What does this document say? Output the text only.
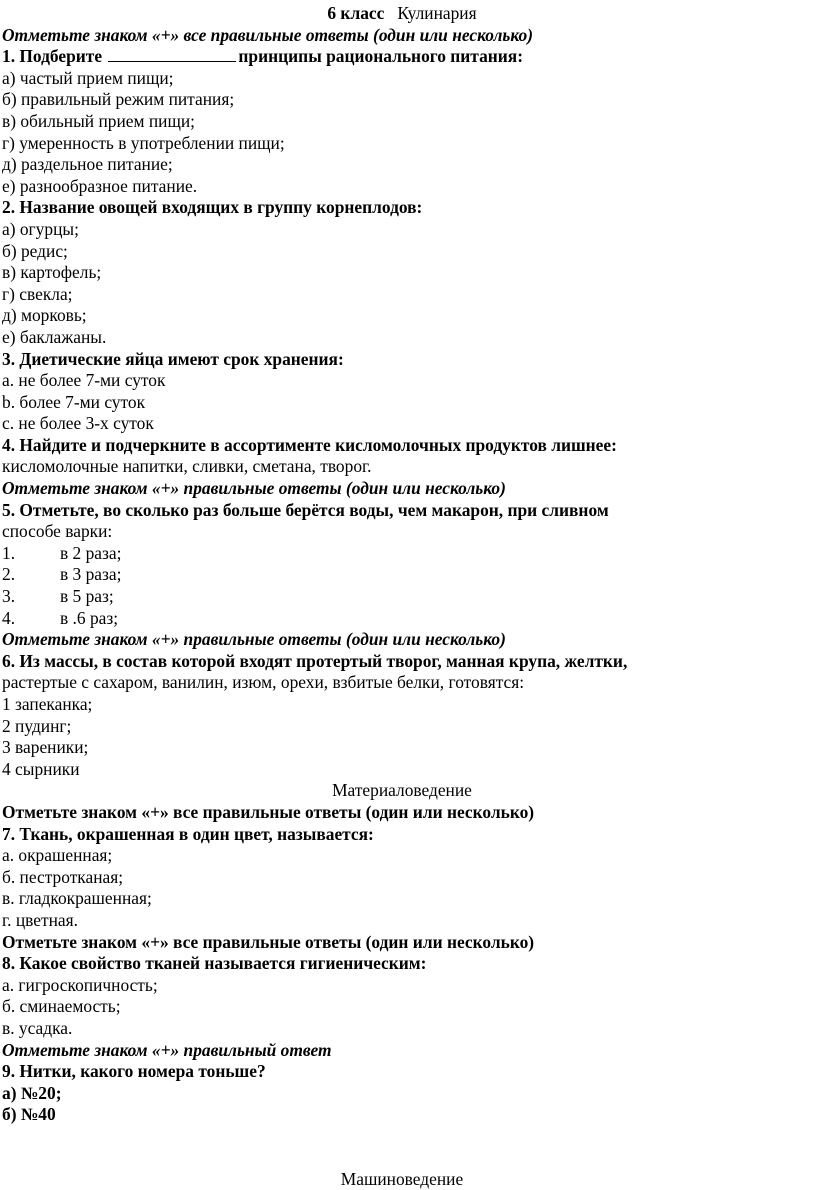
6 класс Кулинария
Отметьте знаком «+» все правильные ответы (один или несколько)
1. Подберите	принципы рационального питания:
а) частый прием пищи;
б) правильный режим питания;
в) обильный прием пищи;
г) умеренность в употреблении пищи;
д) раздельное питание;
е) разнообразное питание.
2. Название овощей входящих в группу корнеплодов:
а) огурцы;
б) редис;
в) картофель;
г) свекла;
д) морковь;
е) баклажаны.
3. Диетические яйца имеют срок хранения:
a. не более 7-ми суток
b. более 7-ми суток
c. не более 3-х суток
4. Найдите и подчеркните в ассортименте кисломолочных продуктов лишнее:
кисломолочные напитки, сливки, сметана, творог.
Отметьте знаком «+» правильные ответы (один или несколько)
5. Отметьте, во сколько раз больше берётся воды, чем макарон, при сливном
способе варки:
1.	в 2 раза;
2.	в 3 раза;
3.	в 5 раз;
4.	в .6 раз;
Отметьте знаком «+» правильные ответы (один или несколько)
6. Из массы, в состав которой входят протертый творог, манная крупа, желтки,
растертые с сахаром, ванилин, изюм, орехи, взбитые белки, готовятся:
1 запеканка;
2 пудинг;
3 вареники;
4 сырники
Материаловедение
Отметьте знаком «+» все правильные ответы (один или несколько)
7. Ткань, окрашенная в один цвет, называется:
а. окрашенная;
б. пестротканая;
в. гладкокрашенная;
г. цветная.
Отметьте знаком «+» все правильные ответы (один или несколько)
8. Какое свойство тканей называется гигиеническим:
а. гигроскопичность;
б. сминаемость;
в. усадка.
Отметьте знаком «+» правильный ответ
9. Нитки, какого номера тоньше?
а) №20;
б) №40
Машиноведение
